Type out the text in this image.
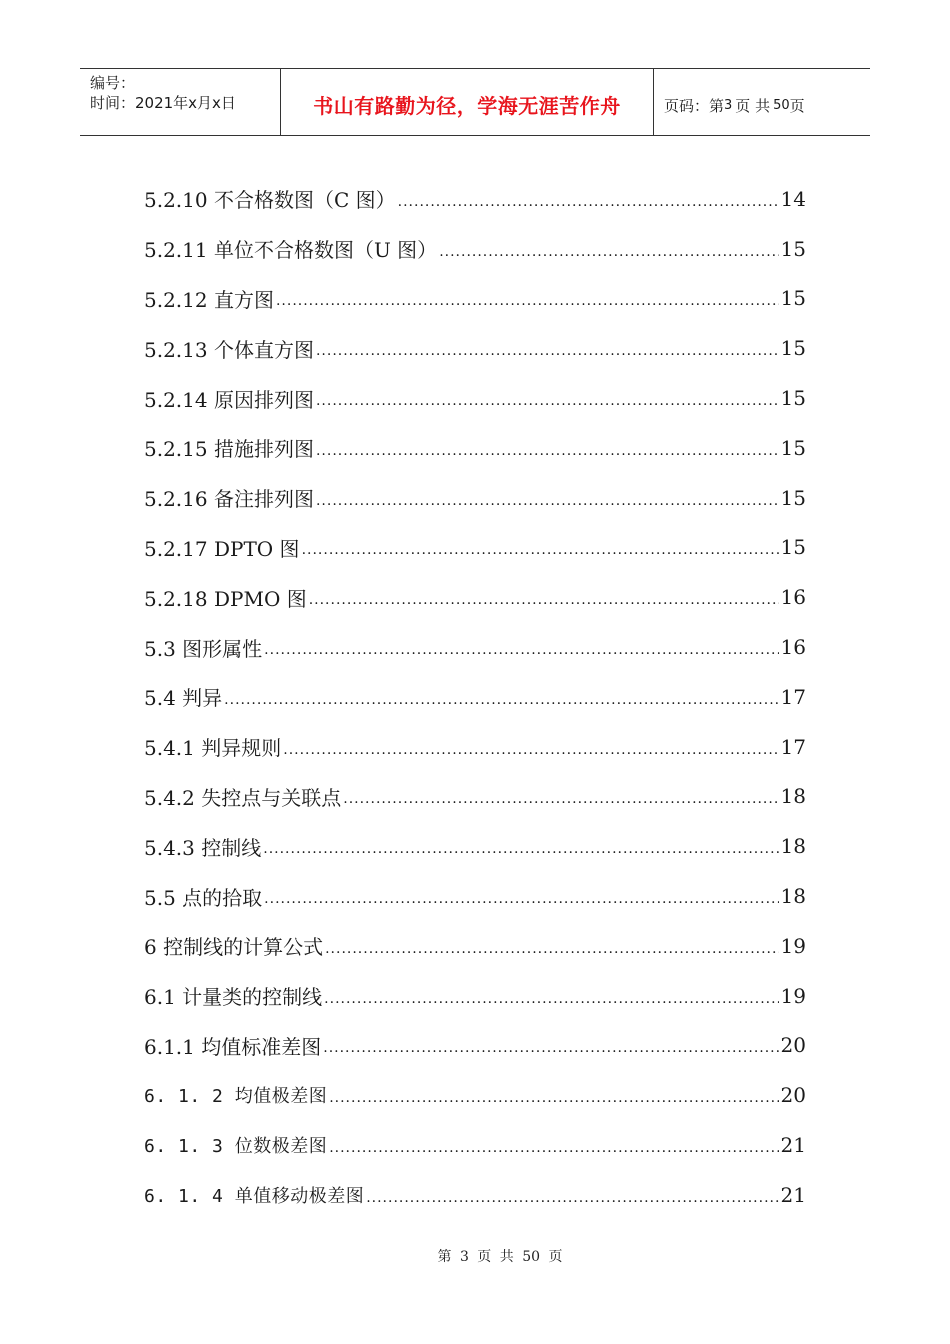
编号：
时间：2021年x月x日	书山有路勤为径，学海无涯苦作舟	页码：第 3 页 共 50 页
5.2.10 不合格数图（C 图） .....	14
5.2.11 单位不合格数图（U 图） .....	15
5.2.12 直方图 .....	15
5.2.13 个体直方图 .....	15
5.2.14 原因排列图 .....	15
5.2.15 措施排列图 .....	15
5.2.16 备注排列图 .....	15
5.2.17 DPTO 图 .....	15
5.2.18 DPMO 图 .....	16
5.3 图形属性 .....	16
5.4 判异 .....	17
5.4.1 判异规则 .....	17
5.4.2 失控点与关联点 .....	18
5.4.3 控制线 .....	18
5.5 点的拾取 .....	18
6 控制线的计算公式 .....	19
6.1 计量类的控制线 .....	19
6.1.1 均值标准差图 .....	20
6. 1. 2 均值极差图 .....	20
6. 1. 3 位数极差图 .....	21
6. 1. 4 单值移动极差图 .....	21
第 3 页 共 50 页
